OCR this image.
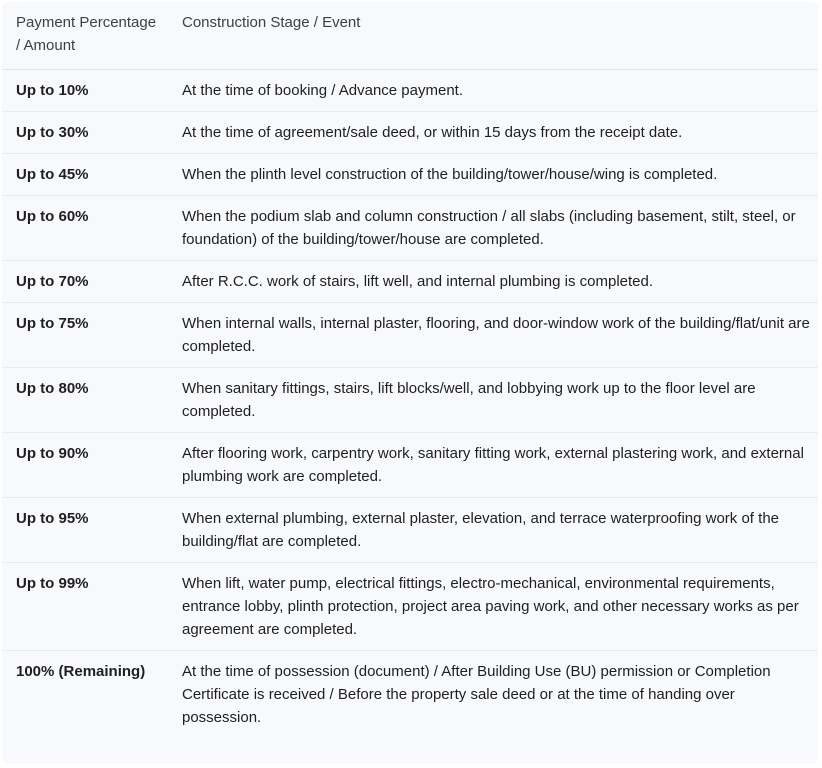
Payment Percentage / Amount	Construction Stage / Event
Up to 10%	At the time of booking / Advance payment.
Up to 30%	At the time of agreement/sale deed, or within 15 days from the receipt date.
Up to 45%	When the plinth level construction of the building/tower/house/wing is completed.
Up to 60%	When the podium slab and column construction / all slabs (including basement, stilt, steel, or foundation) of the building/tower/house are completed.
Up to 70%	After R.C.C. work of stairs, lift well, and internal plumbing is completed.
Up to 75%	When internal walls, internal plaster, flooring, and door-window work of the building/flat/unit are completed.
Up to 80%	When sanitary fittings, stairs, lift blocks/well, and lobbying work up to the floor level are completed.
Up to 90%	After flooring work, carpentry work, sanitary fitting work, external plastering work, and external plumbing work are completed.
Up to 95%	When external plumbing, external plaster, elevation, and terrace waterproofing work of the building/flat are completed.
Up to 99%	When lift, water pump, electrical fittings, electro-mechanical, environmental requirements, entrance lobby, plinth protection, project area paving work, and other necessary works as per agreement are completed.
100% (Remaining)	At the time of possession (document) / After Building Use (BU) permission or Completion Certificate is received / Before the property sale deed or at the time of handing over possession.
